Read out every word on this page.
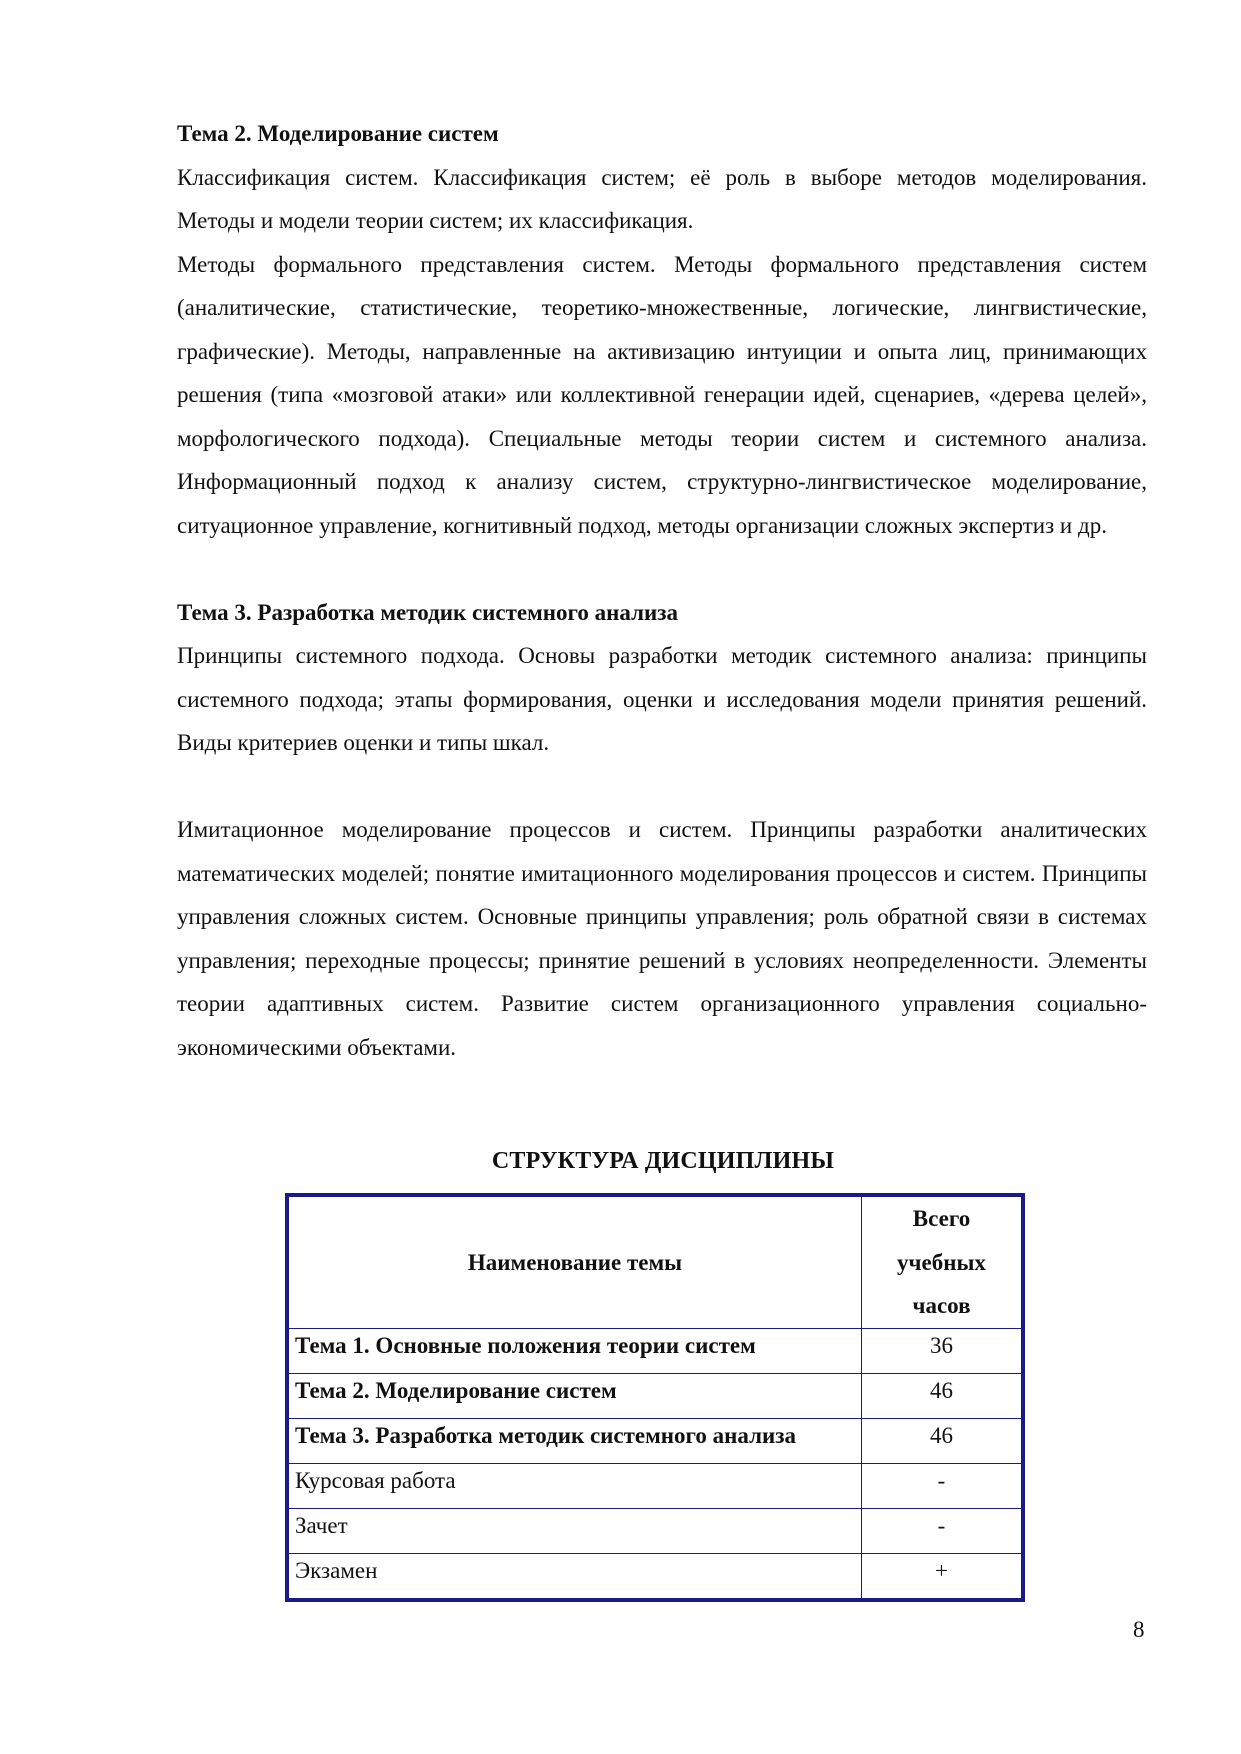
Тема 2. Моделирование систем

Классификация систем. Классификация систем; её роль в выборе методов моделирования. Методы и модели теории систем; их классификация.

Методы формального представления систем. Методы формального представления систем (аналитические, статистические, теоретико-множественные, логические, лингвистические, графические). Методы, направленные на активизацию интуиции и опыта лиц, принимающих решения (типа «мозговой атаки» или коллективной генерации идей, сценариев, «дерева целей», морфологического подхода). Специальные методы теории систем и системного анализа. Информационный подход к анализу систем, структурно-лингвистическое моделирование, ситуационное управление, когнитивный подход, методы организации сложных экспертиз и др.

Тема 3. Разработка методик системного анализа

Принципы системного подхода. Основы разработки методик системного анализа: принципы системного подхода; этапы формирования, оценки и исследования модели принятия решений. Виды критериев оценки и типы шкал.

Имитационное моделирование процессов и систем. Принципы разработки аналитических математических моделей; понятие имитационного моделирования процессов и систем. Принципы управления сложных систем. Основные принципы управления; роль обратной связи в системах управления; переходные процессы; принятие решений в условиях неопределенности. Элементы теории адаптивных систем. Развитие систем организационного управления социально-экономическими объектами.

СТРУКТУРА ДИСЦИПЛИНЫ
Наименование темы	Всего
учебных
часов

Тема 1. Основные положения теории систем	36
Тема 2. Моделирование систем	46
Тема 3. Разработка методик системного анализа	46
Курсовая работа	-
Зачет	-
Экзамен	+
8
